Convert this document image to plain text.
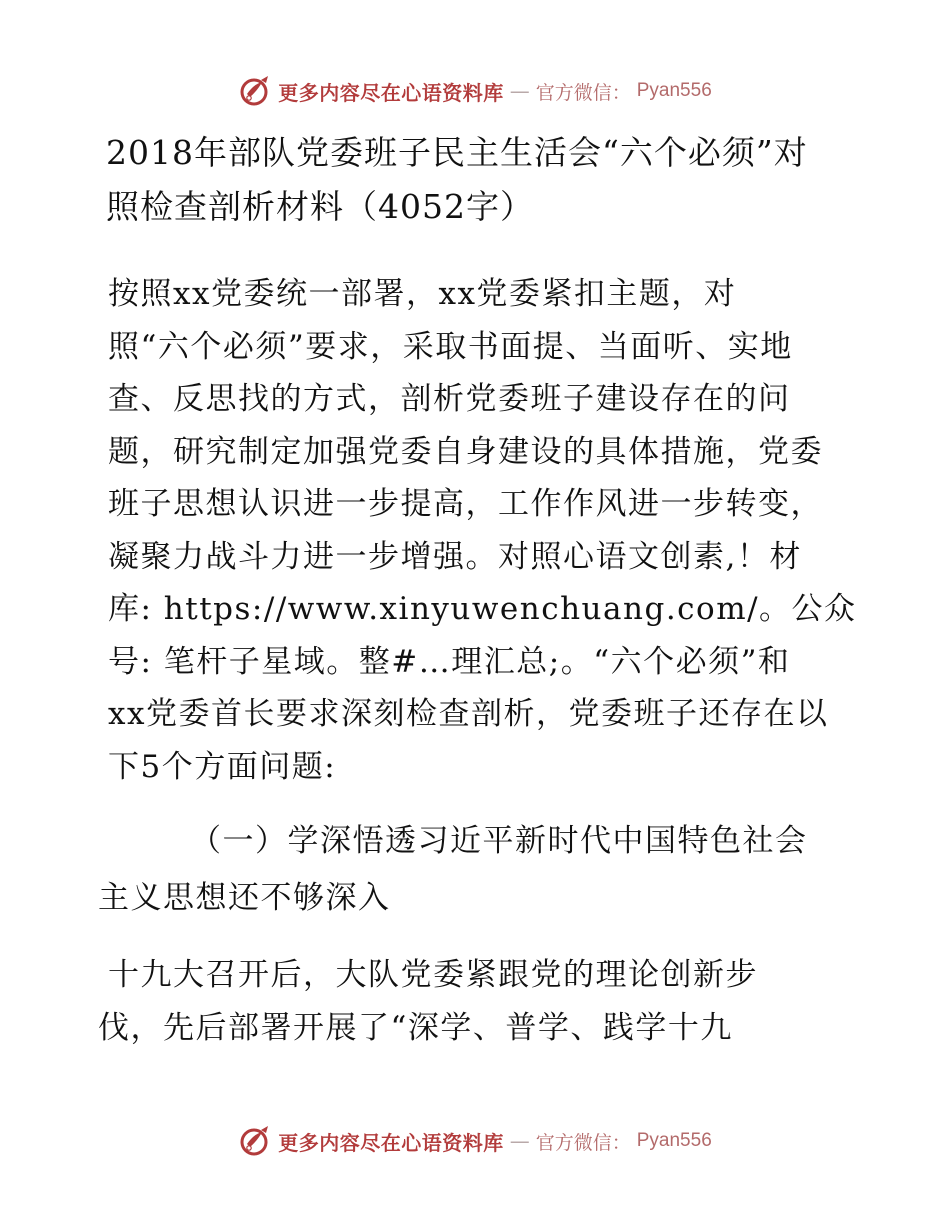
更多内容尽在心语资料库 — 官方微信： Pyan556
2018年部队党委班子民主生活会“六个必须”对
照检查剖析材料（4052字）

按照xx党委统一部署，xx党委紧扣主题，对
照“六个必须”要求，采取书面提、当面听、实地
查、反思找的方式，剖析党委班子建设存在的问
题，研究制定加强党委自身建设的具体措施，党委
班子思想认识进一步提高，工作作风进一步转变，
凝聚力战斗力进一步增强。对照心语文创素,！材
库: https://www.xinyuwenchuang.com/。公众
号: 笔杆子星域。整#…理汇总;。“六个必须”和
xx党委首长要求深刻检查剖析，党委班子还存在以
下5个方面问题:

（一）学深悟透习近平新时代中国特色社会
主义思想还不够深入

十九大召开后，大队党委紧跟党的理论创新步
伐，先后部署开展了“深学、普学、践学十九

更多内容尽在心语资料库 — 官方微信： Pyan556
